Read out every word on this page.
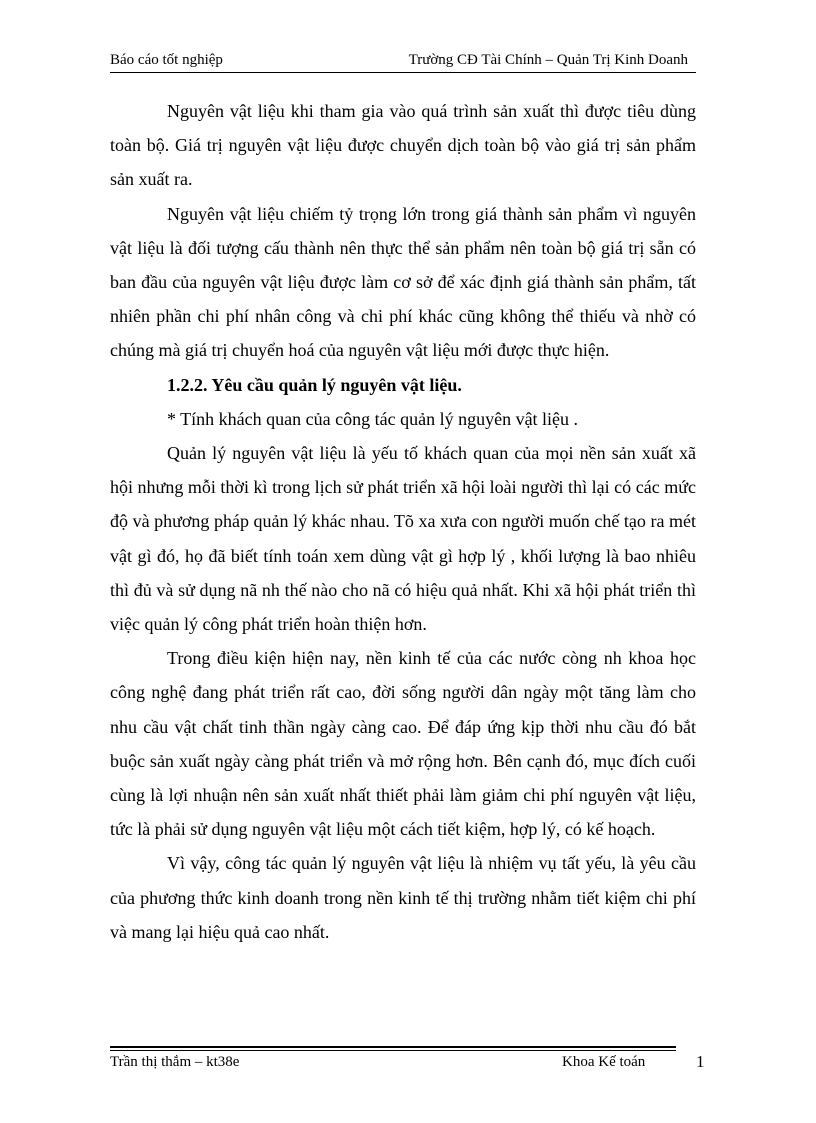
Báo cáo tốt nghiệp	Trường CĐ Tài Chính – Quản Trị Kinh Doanh

Nguyên vật liệu khi tham gia vào quá trình sản xuất thì được tiêu dùng toàn bộ. Giá trị nguyên vật liệu được chuyển dịch toàn bộ vào giá trị sản phẩm sản xuất ra.

Nguyên vật liệu chiếm tỷ trọng lớn trong giá thành sản phẩm vì nguyên vật liệu là đối tượng cấu thành nên thực thể sản phẩm nên toàn bộ giá trị sẵn có ban đầu của nguyên vật liệu được làm cơ sở để xác định giá thành sản phẩm, tất nhiên phần chi phí nhân công và chi phí khác cũng không thể thiếu và nhờ có chúng mà giá trị chuyển hoá của nguyên vật liệu mới được thực hiện.

1.2.2. Yêu cầu quản lý nguyên vật liệu.

* Tính khách quan của công tác quản lý nguyên vật liệu .

Quản lý nguyên vật liệu là yếu tố khách quan của mọi nền sản xuất xã hội nhưng mỗi thời kì trong lịch sử phát triển xã hội loài người thì lại có các mức độ và phương pháp quản lý khác nhau. Tõ xa xưa con người muốn chế tạo ra mét vật gì đó, họ đã biết tính toán xem dùng vật gì hợp lý , khối lượng là bao nhiêu thì đủ và sử dụng nã nh thế nào cho nã có hiệu quả nhất. Khi xã hội phát triển thì việc quản lý công phát triển hoàn thiện hơn.

Trong điều kiện hiện nay, nền kinh tế của các nước còng nh khoa học công nghệ đang phát triển rất cao, đời sống người dân ngày một tăng làm cho nhu cầu vật chất tinh thần ngày càng cao. Để đáp ứng kịp thời nhu cầu đó bắt buộc sản xuất ngày càng phát triển và mở rộng hơn. Bên cạnh đó, mục đích cuối cùng là lợi nhuận nên sản xuất nhất thiết phải làm giảm chi phí nguyên vật liệu, tức là phải sử dụng nguyên vật liệu một cách tiết kiệm, hợp lý, có kế hoạch.

Vì vậy, công tác quản lý nguyên vật liệu là nhiệm vụ tất yếu, là yêu cầu của phương thức kinh doanh trong nền kinh tế thị trường nhằm tiết kiệm chi phí và mang lại hiệu quả cao nhất.

Trần thị thắm – kt38e	Khoa Kế toán	1
